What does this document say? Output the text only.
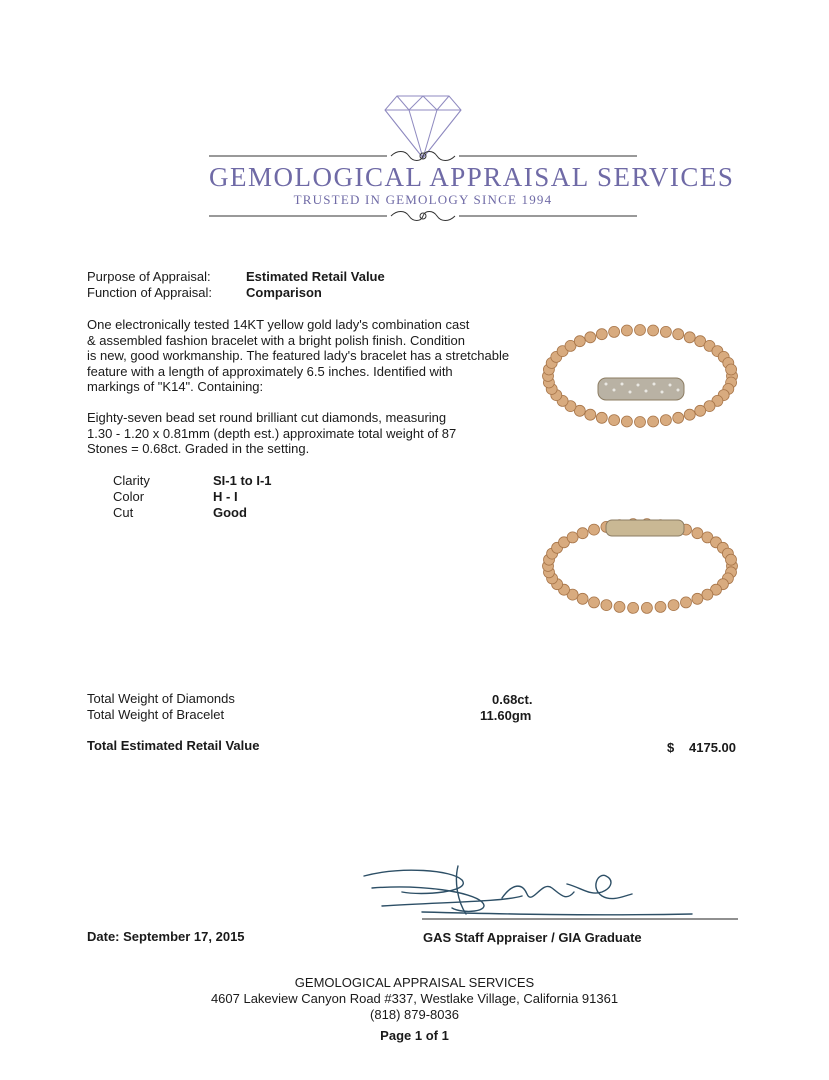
GEMOLOGICAL APPRAISAL SERVICES
TRUSTED IN GEMOLOGY SINCE 1994
Purpose of Appraisal:	Estimated Retail Value
Function of Appraisal:	Comparison
One electronically tested 14KT yellow gold lady's combination cast
& assembled fashion bracelet with a bright polish finish. Condition
is new, good workmanship. The featured lady's bracelet has a stretchable
feature with a length of approximately 6.5 inches. Identified with
markings of "K14". Containing:
Eighty-seven bead set round brilliant cut diamonds, measuring
1.30 - 1.20 x 0.81mm (depth est.) approximate total weight of 87
Stones = 0.68ct. Graded in the setting.
Clarity	SI-1 to I-1
Color	H - I
Cut	Good
Total Weight of Diamonds	0.68ct.
Total Weight of Bracelet	11.60gm
Total Estimated Retail Value	$ 4175.00
Date: September 17, 2015	GAS Staff Appraiser / GIA Graduate
GEMOLOGICAL APPRAISAL SERVICES
4607 Lakeview Canyon Road #337, Westlake Village, California 91361
(818) 879-8036
Page 1 of 1
